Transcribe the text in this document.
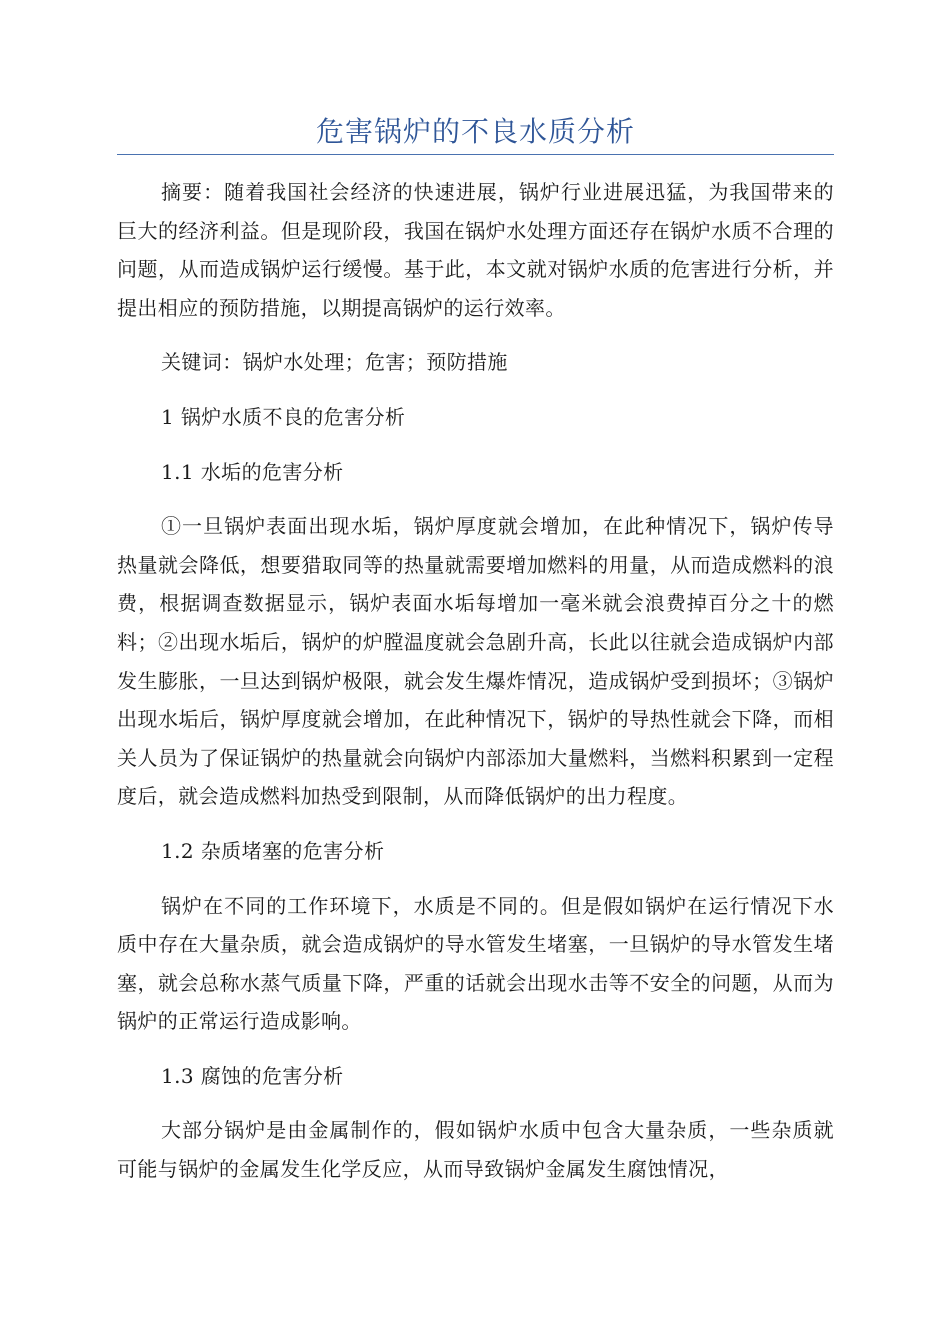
危害锅炉的不良水质分析

摘要：随着我国社会经济的快速进展，锅炉行业进展迅猛，为我国带来的巨大的经济利益。但是现阶段，我国在锅炉水处理方面还存在锅炉水质不合理的问题，从而造成锅炉运行缓慢。基于此，本文就对锅炉水质的危害进行分析，并提出相应的预防措施，以期提高锅炉的运行效率。

关键词：锅炉水处理；危害；预防措施

1 锅炉水质不良的危害分析

1.1 水垢的危害分析

①一旦锅炉表面出现水垢，锅炉厚度就会增加，在此种情况下，锅炉传导热量就会降低，想要猎取同等的热量就需要增加燃料的用量，从而造成燃料的浪费，根据调查数据显示，锅炉表面水垢每增加一毫米就会浪费掉百分之十的燃料；②出现水垢后，锅炉的炉膛温度就会急剧升高，长此以往就会造成锅炉内部发生膨胀，一旦达到锅炉极限，就会发生爆炸情况，造成锅炉受到损坏；③锅炉出现水垢后，锅炉厚度就会增加，在此种情况下，锅炉的导热性就会下降，而相关人员为了保证锅炉的热量就会向锅炉内部添加大量燃料，当燃料积累到一定程度后，就会造成燃料加热受到限制，从而降低锅炉的出力程度。

1.2 杂质堵塞的危害分析

锅炉在不同的工作环境下，水质是不同的。但是假如锅炉在运行情况下水质中存在大量杂质，就会造成锅炉的导水管发生堵塞，一旦锅炉的导水管发生堵塞，就会总称水蒸气质量下降，严重的话就会出现水击等不安全的问题，从而为锅炉的正常运行造成影响。

1.3 腐蚀的危害分析

大部分锅炉是由金属制作的，假如锅炉水质中包含大量杂质，一些杂质就可能与锅炉的金属发生化学反应，从而导致锅炉金属发生腐蚀情况，
